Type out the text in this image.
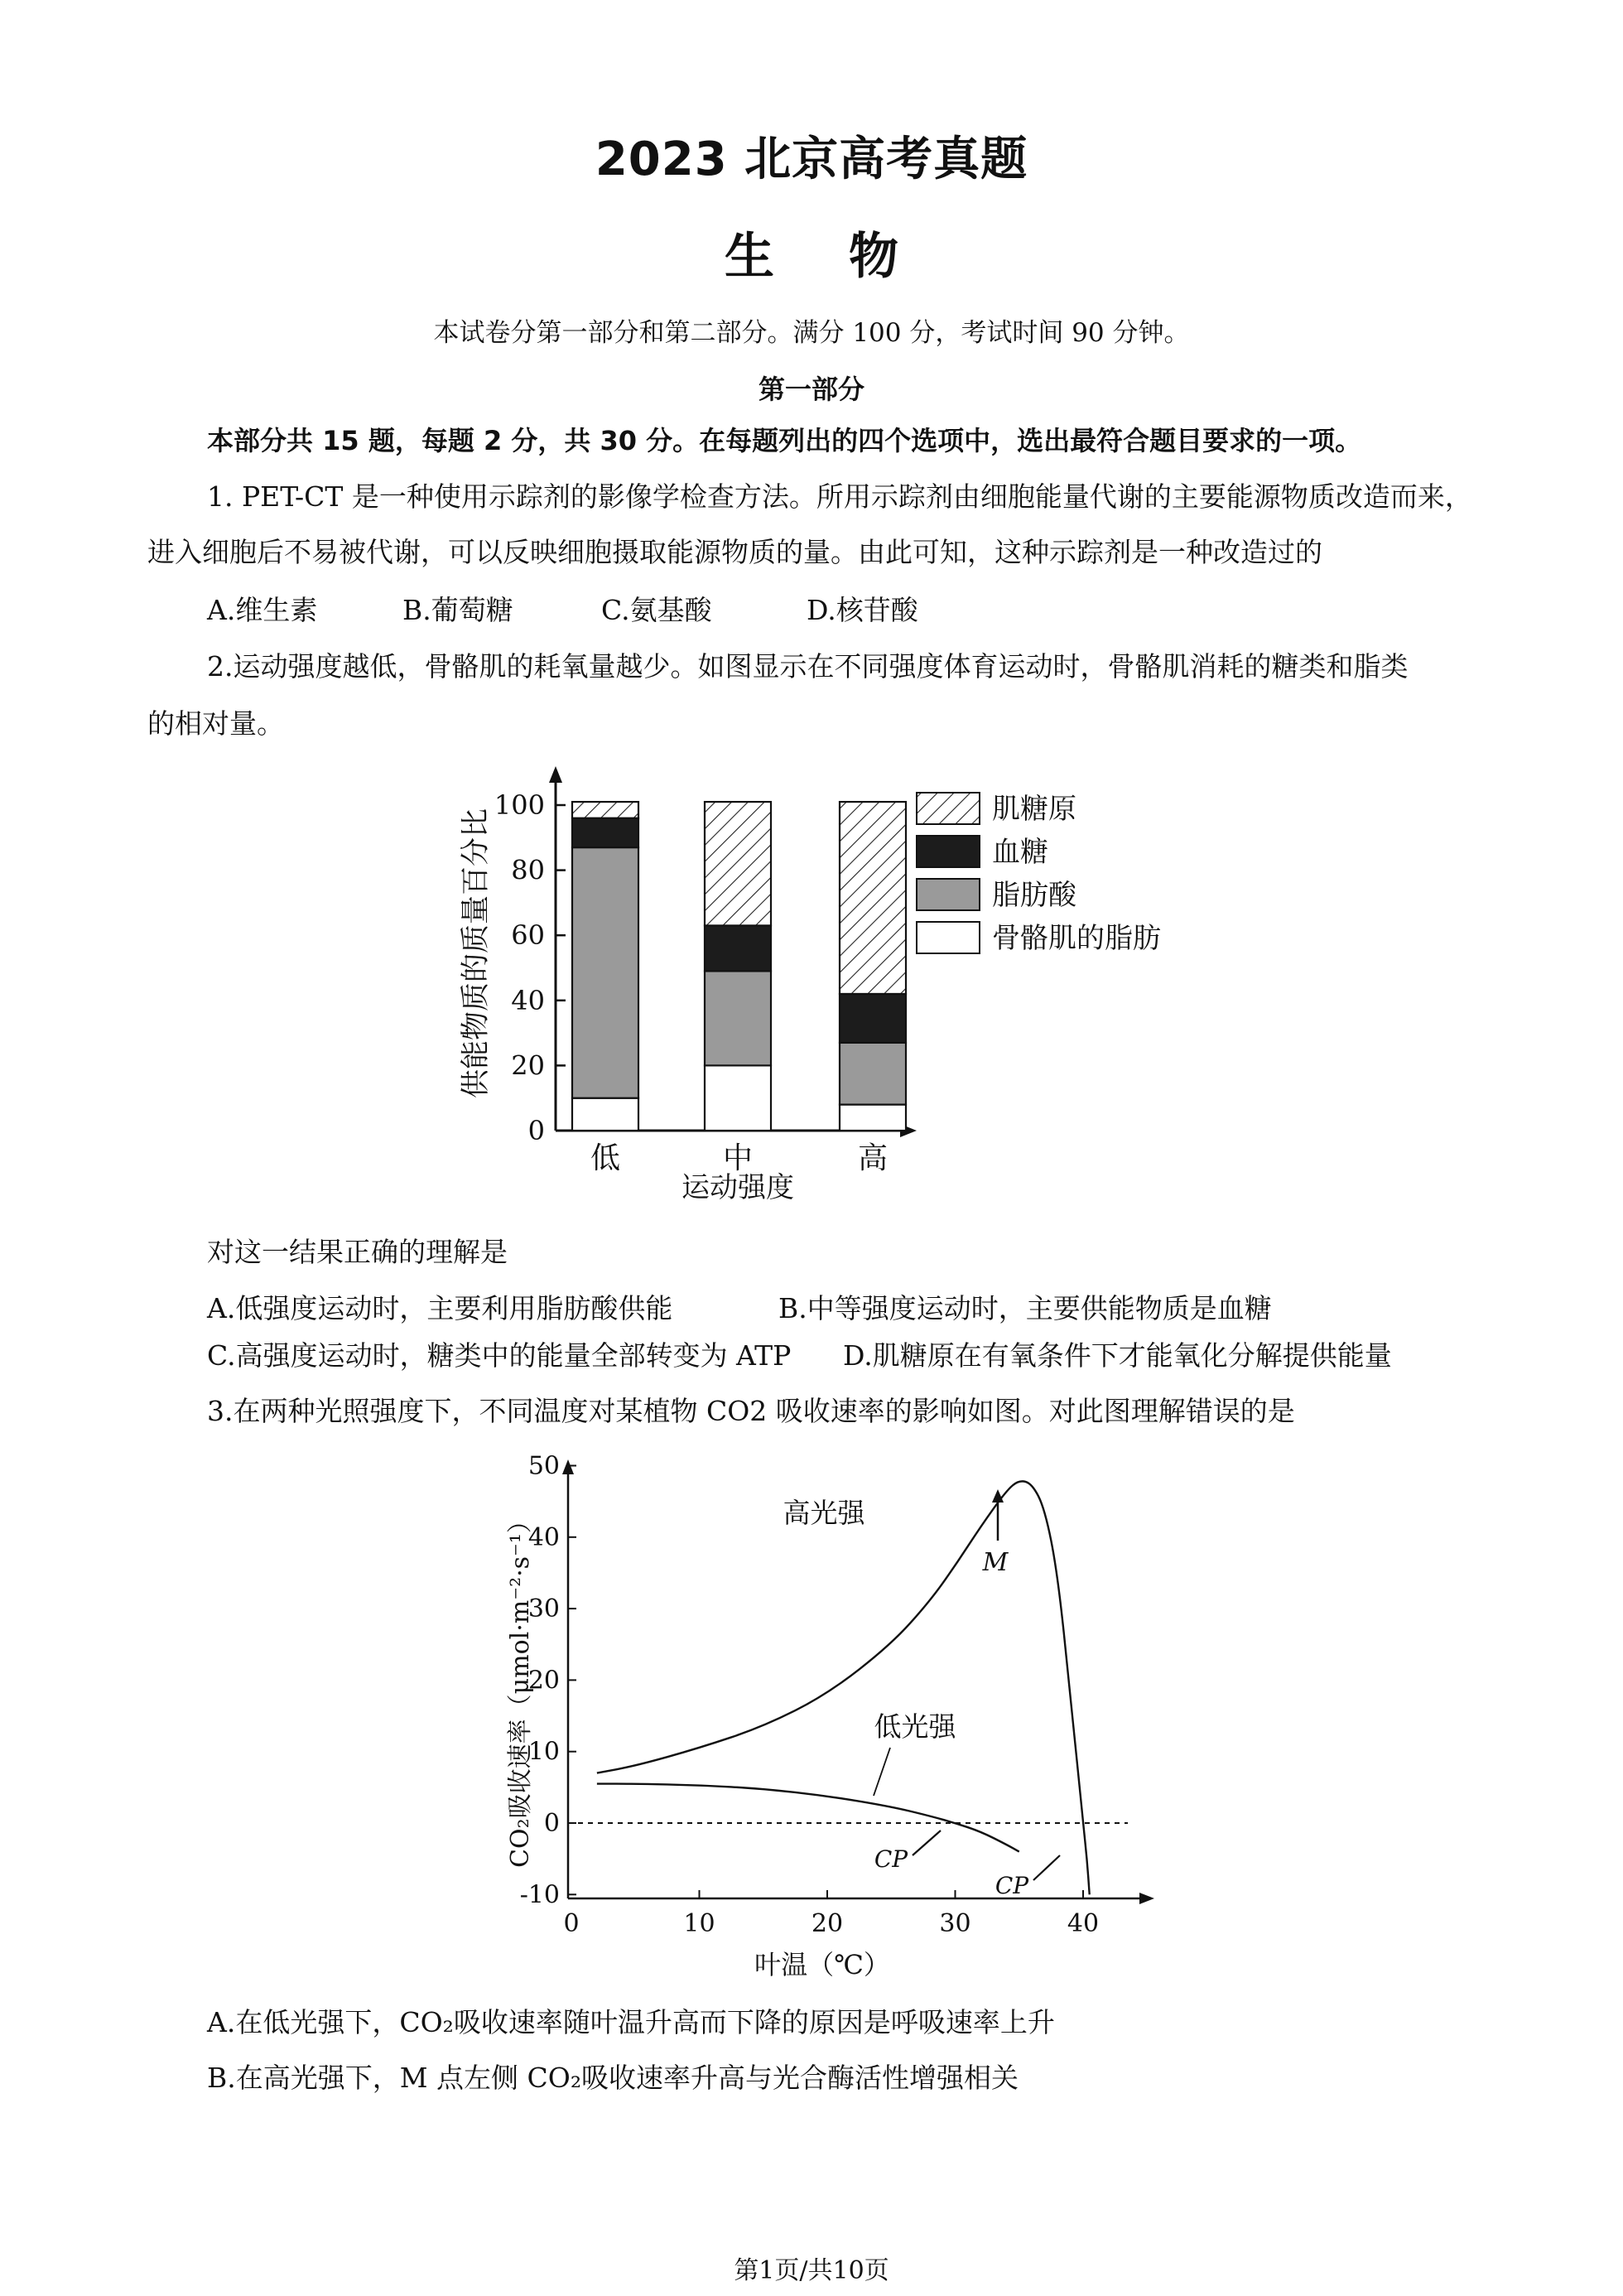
2023 北京高考真题
生物
本试卷分第一部分和第二部分。满分 100 分，考试时间 90 分钟。
第一部分
本部分共 15 题，每题 2 分，共 30 分。在每题列出的四个选项中，选出最符合题目要求的一项。
1. PET-CT 是一种使用示踪剂的影像学检查方法。所用示踪剂由细胞能量代谢的主要能源物质改造而来，
进入细胞后不易被代谢，可以反映细胞摄取能源物质的量。由此可知，这种示踪剂是一种改造过的
A.维生素	B.葡萄糖	C.氨基酸	D.核苷酸
2.运动强度越低，骨骼肌的耗氧量越少。如图显示在不同强度体育运动时，骨骼肌消耗的糖类和脂类
的相对量。
供能物质的质量百分比
运动强度
0
20
40
60
80
100
低	中	高
肌糖原
血糖
脂肪酸
骨骼肌的脂肪
对这一结果正确的理解是
A.低强度运动时，主要利用脂肪酸供能	B.中等强度运动时，主要供能物质是血糖
C.高强度运动时，糖类中的能量全部转变为 ATP D.肌糖原在有氧条件下才能氧化分解提供能量
3.在两种光照强度下，不同温度对某植物 CO2 吸收速率的影响如图。对此图理解错误的是
CO₂吸收速率（μmol·m⁻²·s⁻¹）
叶温（℃）
-10
0
10
20
30
40
50
0	10	20	30	40
高光强
低光强
M
CP
CP
A.在低光强下，CO₂吸收速率随叶温升高而下降的原因是呼吸速率上升
B.在高光强下，M 点左侧 CO₂吸收速率升高与光合酶活性增强相关
第1页/共10页
